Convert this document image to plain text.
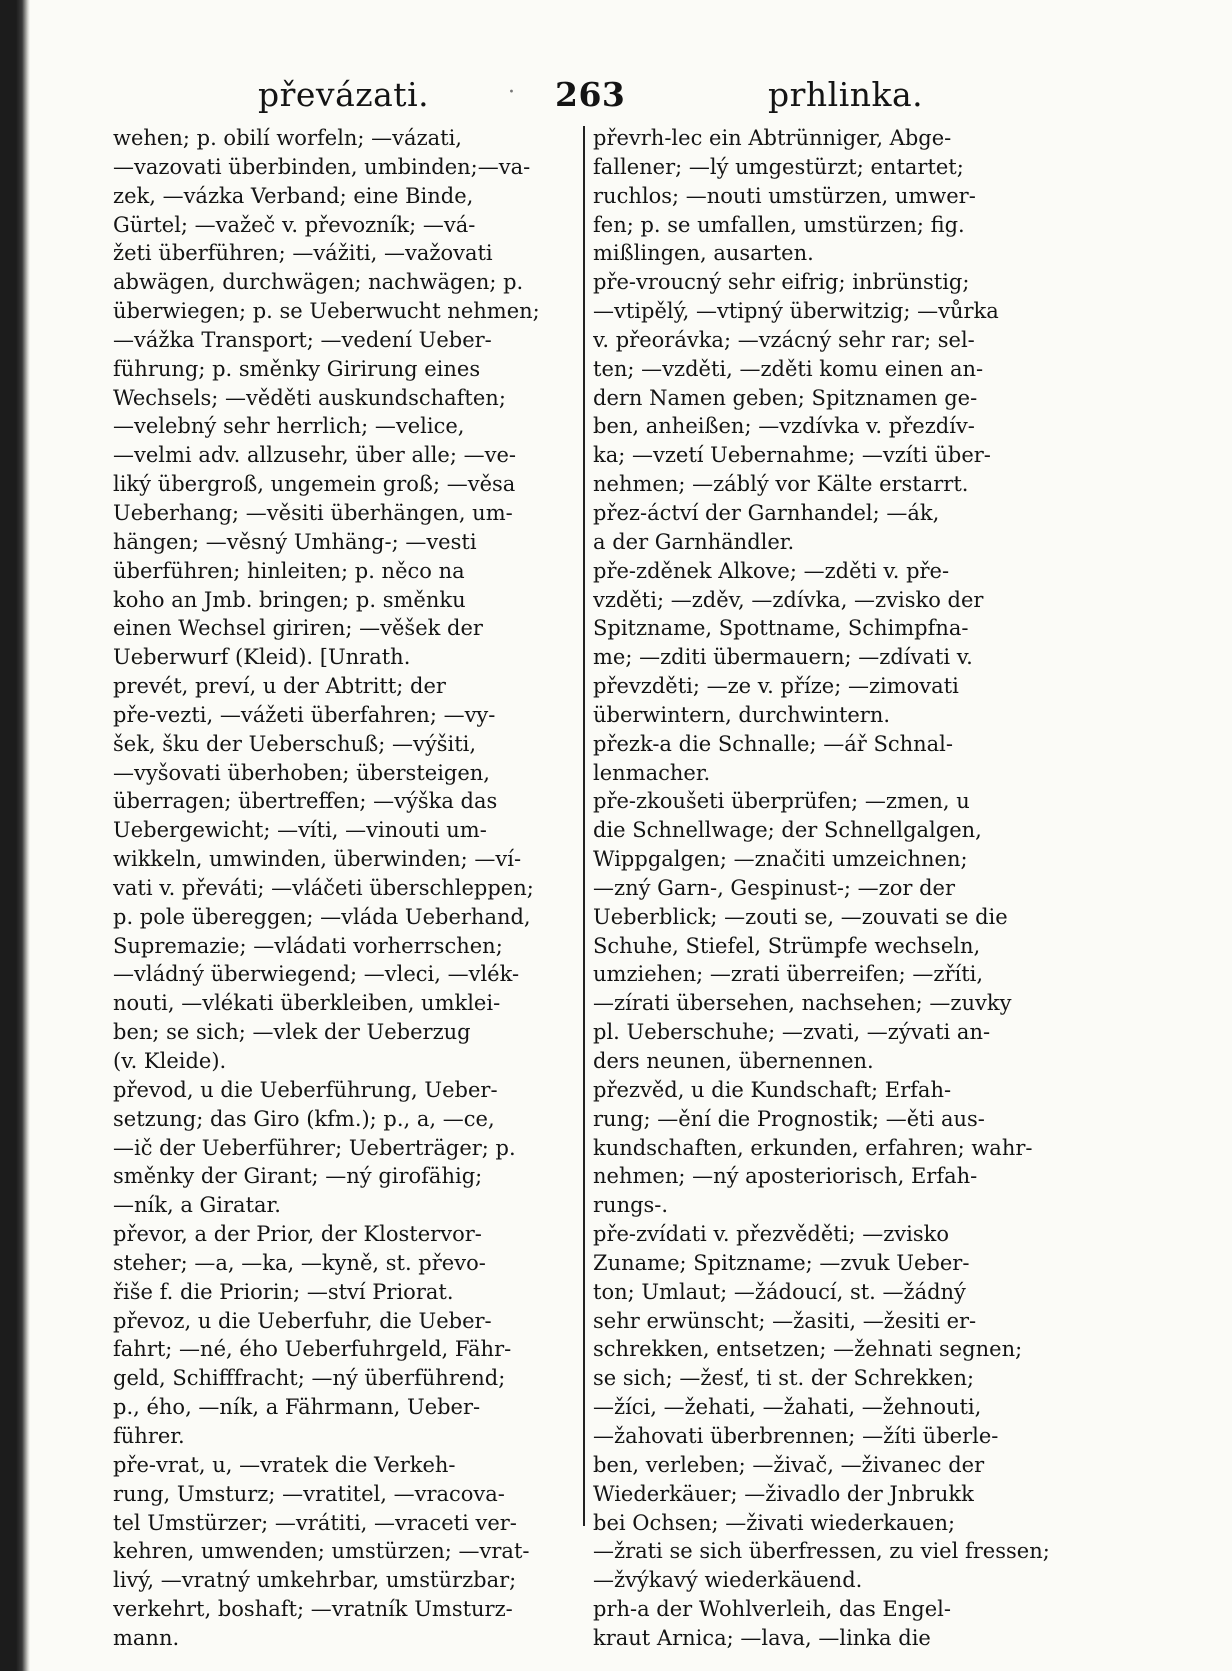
převázati.	· 263	prhlinka.
wehen; p. obilí worfeln; —vázati,
—vazovati überbinden, umbinden;—va-
zek, —vázka Verband; eine Binde,
Gürtel; —važeč v. převozník; —vá-
žeti überführen; —vážiti, —važovati
abwägen, durchwägen; nachwägen; p.
überwiegen; p. se Ueberwucht nehmen;
—vážka Transport; —vedení Ueber-
führung; p. směnky Girirung eines
Wechsels; —věděti auskundschaften;
—velebný sehr herrlich; —velice,
—velmi adv. allzusehr, über alle; —ve-
liký übergroß, ungemein groß; —věsa
Ueberhang; —věsiti überhängen, um-
hängen; —věsný Umhäng-; —vesti
überführen; hinleiten; p. něco na
koho an Jmb. bringen; p. směnku
einen Wechsel giriren; —věšek der
Ueberwurf (Kleid). [Unrath.
prevét, preví, u der Abtritt; der
pře-vezti, —vážeti überfahren; —vy-
šek, šku der Ueberschuß; —výšiti,
—vyšovati überhoben; übersteigen,
überragen; übertreffen; —výška das
Uebergewicht; —víti, —vinouti um-
wikkeln, umwinden, überwinden; —ví-
vati v. převáti; —vláčeti überschleppen;
p. pole übereggen; —vláda Ueberhand,
Supremazie; —vládati vorherrschen;
—vládný überwiegend; —vleci, —vlék-
nouti, —vlékati überkleiben, umklei-
ben; se sich; —vlek der Ueberzug
(v. Kleide).
převod, u die Ueberführung, Ueber-
setzung; das Giro (kfm.); p., a, —ce,
—ič der Ueberführer; Ueberträger; p.
směnky der Girant; —ný girofähig;
—ník, a Giratar.
převor, a der Prior, der Klostervor-
steher; —a, —ka, —kyně, st. převo-
řiše f. die Priorin; —ství Priorat.
převoz, u die Ueberfuhr, die Ueber-
fahrt; —né, ého Ueberfuhrgeld, Fähr-
geld, Schifffracht; —ný überführend;
p., ého, —ník, a Fährmann, Ueber-
führer.
pře-vrat, u, —vratek die Verkeh-
rung, Umsturz; —vratitel, —vracova-
tel Umstürzer; —vrátiti, —vraceti ver-
kehren, umwenden; umstürzen; —vrat-
livý, —vratný umkehrbar, umstürzbar;
verkehrt, boshaft; —vratník Umsturz-
mann.
převrh-lec ein Abtrünniger, Abge-
fallener; —lý umgestürzt; entartet;
ruchlos; —nouti umstürzen, umwer-
fen; p. se umfallen, umstürzen; fig.
mißlingen, ausarten.
pře-vroucný sehr eifrig; inbrünstig;
—vtipělý, —vtipný überwitzig; —vůrka
v. přeorávka; —vzácný sehr rar; sel-
ten; —vzděti, —zděti komu einen an-
dern Namen geben; Spitznamen ge-
ben, anheißen; —vzdívka v. přezdív-
ka; —vzetí Uebernahme; —vzíti über-
nehmen; —záblý vor Kälte erstarrt.
přez-áctví der Garnhandel; —ák,
a der Garnhändler.
pře-zděnek Alkove; —zděti v. pře-
vzděti; —zděv, —zdívka, —zvisko der
Spitzname, Spottname, Schimpfna-
me; —zditi übermauern; —zdívati v.
převzděti; —ze v. příze; —zimovati
überwintern, durchwintern.
přezk-a die Schnalle; —ář Schnal-
lenmacher.
pře-zkoušeti überprüfen; —zmen, u
die Schnellwage; der Schnellgalgen,
Wippgalgen; —značiti umzeichnen;
—zný Garn-, Gespinust-; —zor der
Ueberblick; —zouti se, —zouvati se die
Schuhe, Stiefel, Strümpfe wechseln,
umziehen; —zrati überreifen; —zříti,
—zírati übersehen, nachsehen; —zuvky
pl. Ueberschuhe; —zvati, —zývati an-
ders neunen, übernennen.
přezvěd, u die Kundschaft; Erfah-
rung; —ění die Prognostik; —ěti aus-
kundschaften, erkunden, erfahren; wahr-
nehmen; —ný aposteriorisch, Erfah-
rungs-.
pře-zvídati v. přezvěděti; —zvisko
Zuname; Spitzname; —zvuk Ueber-
ton; Umlaut; —žádoucí, st. —žádný
sehr erwünscht; —žasiti, —žesiti er-
schrekken, entsetzen; —žehnati segnen;
se sich; —žesť, ti st. der Schrekken;
—žíci, —žehati, —žahati, —žehnouti,
—žahovati überbrennen; —žíti überle-
ben, verleben; —živač, —živanec der
Wiederkäuer; —živadlo der Jnbrukk
bei Ochsen; —živati wiederkauen;
—žrati se sich überfressen, zu viel fressen;
—žvýkavý wiederkäuend.
prh-a der Wohlverleih, das Engel-
kraut Arnica; —lava, —linka die
